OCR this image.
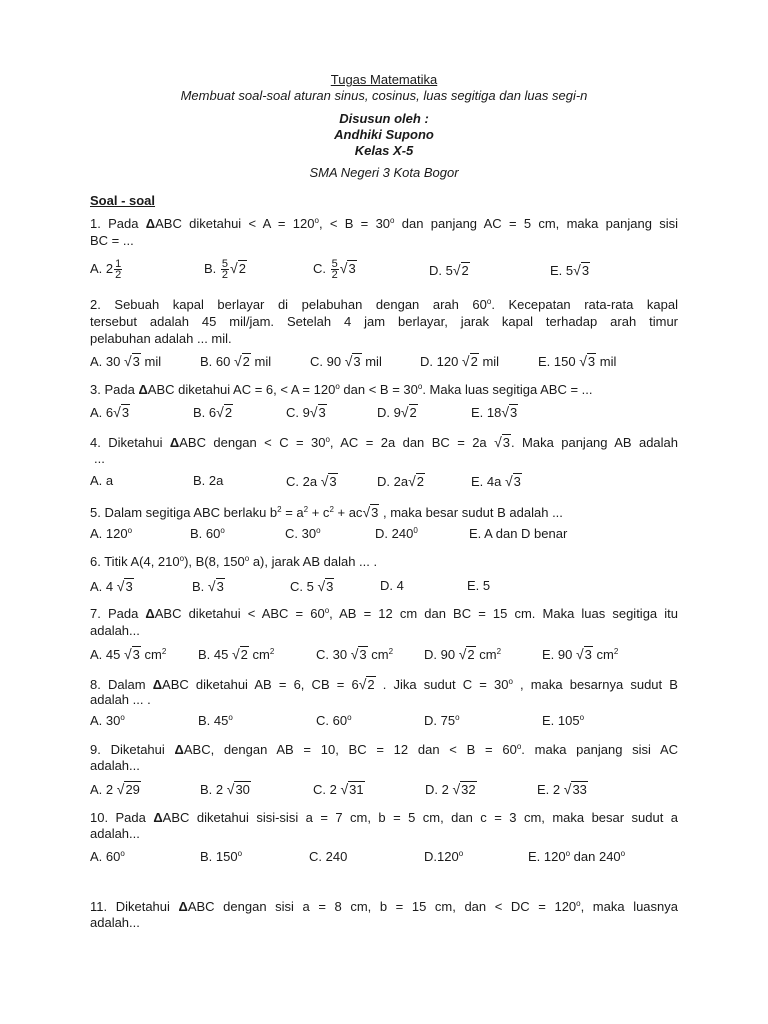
Tugas Matematika
Membuat soal-soal aturan sinus, cosinus, luas segitiga dan luas segi-n
Disusun oleh :
Andhiki Supono
Kelas X-5
SMA Negeri 3 Kota Bogor
Soal - soal
1. Pada ΔABC diketahui < $A = 120^o$, < $B = 30^o$ dan panjang AC = 5 cm, maka panjang sisi
BC = ...
A. $2 \frac{1}{2}$	B. $\frac{5}{2} √2$	C. $\frac{5}{2} √3$	D. 5√2	E. 5√3
2. Sebuah kapal berlayar di pelabuhan dengan arah 60$^o$. Kecepatan rata-rata kapal
tersebut adalah 45 mil/jam. Setelah 4 jam berlayar, jarak kapal terhadap arah timur
pelabuhan adalah ... mil.
A. 30 √3 mil	B. 60 √2 mil	C. 90 √3 mil	D. 120 √2 mil	E. 150 √3 mil
3. Pada ΔABC diketahui AC = 6, < $A = 120^o$ dan < $B = 30^o$. Maka luas segitiga ABC = ...
A. 6√3	B. 6√2	C. 9√3	D. 9√2	E. 18√3
4. Diketahui ΔABC dengan < $C = 30^o$, AC = 2a dan BC = 2a √3. Maka panjang AB adalah
...
A. a	B. 2a	C. 2a √3	D. 2a√2	E. 4a √3
5. Dalam segitiga ABC berlaku $b^2 = a^2 + c^2 + ac√3$ , maka besar sudut B adalah ...
A. 120$^o$	B. 60$^o$	C. 30$^o$	D. $240^0$	E. A dan D benar
6. Titik A(4, 210$^o$), B(8, 150$^o$ a), jarak AB dalah ... .
A. 4 √3	B. √3	C. 5 √3	D. 4	E. 5
7. Pada ΔABC diketahui < ABC = $60^o$, AB = 12 cm dan BC = 15 cm. Maka luas segitiga itu
adalah...
A. 45 √3 $cm^2$ B. 45 √2 $cm^2$	C. 30 √3 $cm^2$ D. 90 √2 $cm^2$	E. 90 √3 $cm^2$
8. Dalam ΔABC diketahui AB = 6, CB = 6√2 . Jika sudut $C = 30^o$ , maka besarnya sudut B
adalah ... .
A. 30$^o$	B. 45$^o$	C. 60$^o$	D. 75$^o$	E. 105$^o$
9. Diketahui ΔABC, dengan AB = 10, BC = 12 dan < $B = 60^o$. maka panjang sisi AC
adalah...
A. 2 √29	B. 2 √30	C. 2 √31	D. 2 √32	E. 2 √33
10. Pada ΔABC diketahui sisi-sisi a = 7 cm, b = 5 cm, dan c = 3 cm, maka besar sudut a
adalah...
A. 60$^o$	B. 150$^o$	C. 240	D.120$^o$	E. 120$^o$ dan 240$^o$
11. Diketahui ΔABC dengan sisi a = 8 cm, b = 15 cm, dan < DC = $120^o$, maka luasnya
adalah...
